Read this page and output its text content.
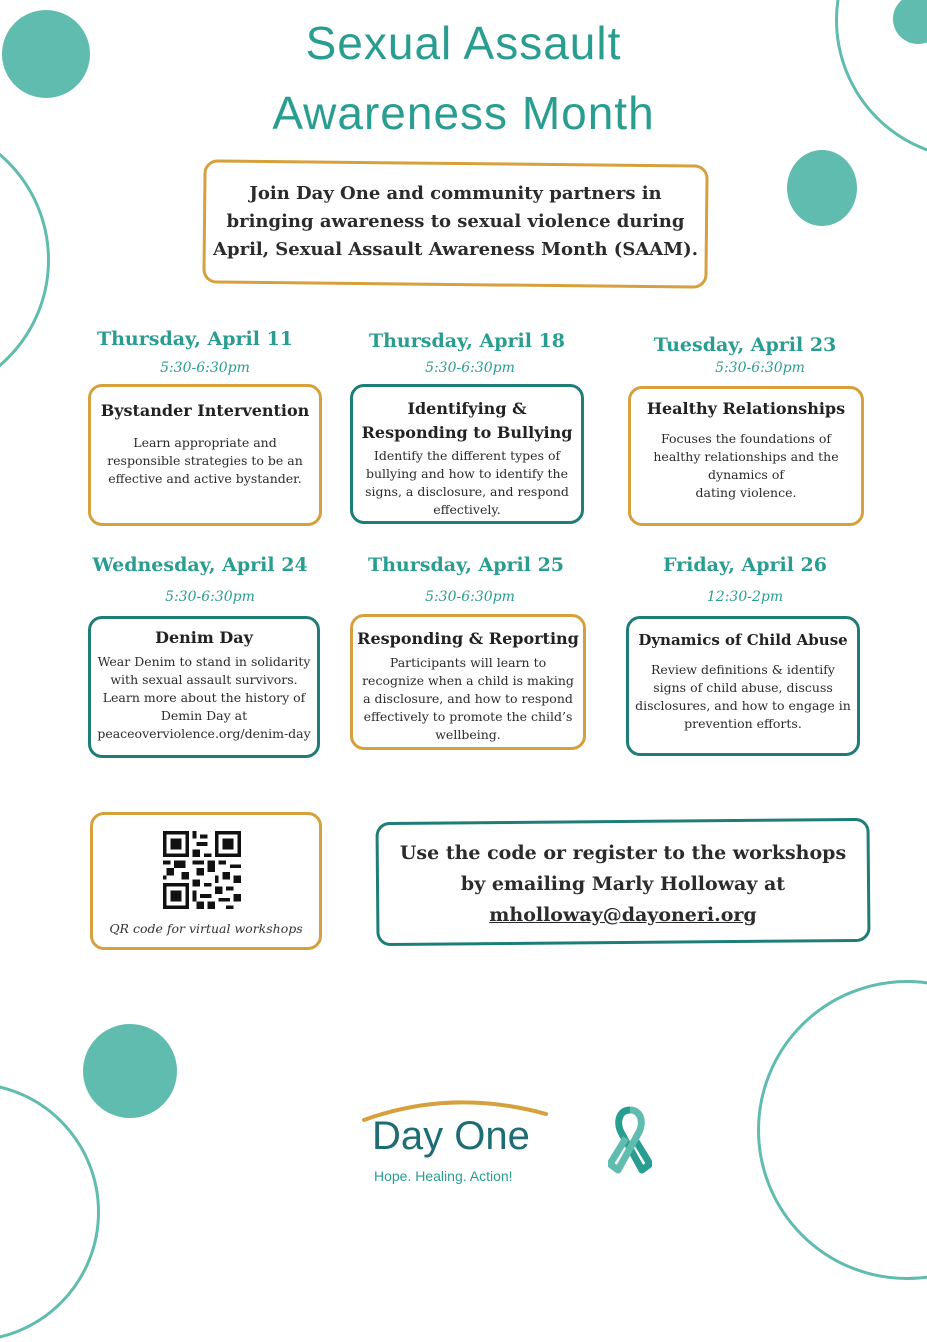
Sexual Assault
Awareness Month
Join Day One and community partners in
bringing awareness to sexual violence during
April, Sexual Assault Awareness Month (SAAM).
Thursday, April 11
5:30-6:30pm
Bystander Intervention
Learn appropriate and
responsible strategies to be an
effective and active bystander.
Thursday, April 18
5:30-6:30pm
Identifying &
Responding to Bullying
Identify the different types of
bullying and how to identify the
signs, a disclosure, and respond
effectively.
Tuesday, April 23
5:30-6:30pm
Healthy Relationships
Focuses the foundations of
healthy relationships and the
dynamics of
dating violence.
Wednesday, April 24
5:30-6:30pm
Denim Day
Wear Denim to stand in solidarity
with sexual assault survivors.
Learn more about the history of
Demin Day at
peaceoverviolence.org/denim-day
Thursday, April 25
5:30-6:30pm
Responding & Reporting
Participants will learn to
recognize when a child is making
a disclosure, and how to respond
effectively to promote the child’s
wellbeing.
Friday, April 26
12:30-2pm
Dynamics of Child Abuse
Review definitions & identify
signs of child abuse, discuss
disclosures, and how to engage in
prevention efforts.
QR code for virtual workshops
Use the code or register to the workshops
by emailing Marly Holloway at
mholloway@dayoneri.org
Day One
Hope. Healing. Action!
